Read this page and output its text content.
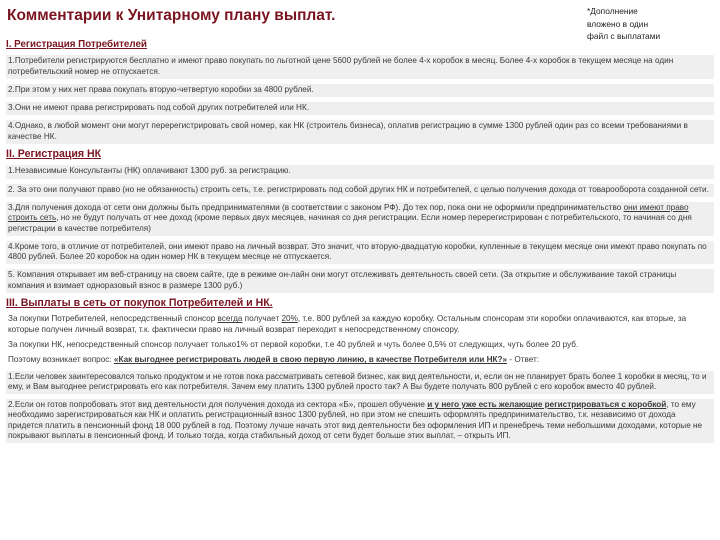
Комментарии к Унитарному плану выплат.	*Дополнение
вложено в один
файл с выплатами
I. Регистрация Потребителей
1.Потребители регистрируются бесплатно и имеют право покупать по льготной цене 5600 рублей не более 4-х коробок в месяц. Более 4-х коробок в текущем месяце на один потребительский номер не отпускается.
2.При этом у них нет права покупать вторую-четвертую коробки за 4800 рублей.
3.Они не имеют права регистрировать под собой других потребителей или НК.
4.Однако, в любой момент они могут перерегистрировать свой номер, как НК (строитель бизнеса), оплатив регистрацию в сумме 1300 рублей один раз со всеми требованиями в качестве НК.
II. Регистрация НК
1.Независимые Консультанты (НК) оплачивают 1300 руб. за регистрацию.
2. За это они получают право (но не обязанность) строить сеть, т.е. регистрировать под собой других НК и потребителей, с целью получения дохода от товарооборота созданной сети.
3.Для получения дохода от сети они должны быть предпринимателями (в соответствии с законом РФ). До тех пор, пока они не оформили предпринимательство они имеют право строить сеть, но не будут получать от нее доход (кроме первых двух месяцев, начиная со дня регистрации. Если номер перерегистрирован с потребительского, то начиная со дня регистрации в качестве потребителя)
4.Кроме того, в отличие от потребителей, они имеют право на личный возврат. Это значит, что вторую-двадцатую коробки, купленные в текущем месяце они имеют право покупать по 4800 рублей. Более 20 коробок на один номер НК в текущем месяце не отпускается.
5. Компания открывает им веб-страницу на своем сайте, где в режиме он-лайн они могут отслеживать деятельность своей сети. (За открытие и обслуживание такой страницы компания и взимает одноразовый взнос в размере 1300 руб.)
III. Выплаты в сеть от покупок Потребителей и НК.
За покупки Потребителей, непосредственный спонсор всегда получает 20%, т.е. 800 рублей за каждую коробку. Остальным спонсорам эти коробки оплачиваются, как вторые, за которые получен личный возврат, т.к. фактически право на личный возврат переходит к непосредственному спонсору.
За покупки НК, непосредственный спонсор получает только1% от первой коробки, т.е 40 рублей и чуть более 0,5% от следующих, чуть более 20 руб.
Поэтому возникает вопрос: «Как выгоднее регистрировать людей в свою первую линию, в качестве Потребителя или НК?» - Ответ:
1.Если человек заинтересовался только продуктом и не готов пока рассматривать сетевой бизнес, как вид деятельности, и, если он не планирует брать более 1 коробки в месяц, то и ему, и Вам выгоднее регистрировать его как потребителя. Зачем ему платить 1300 рублей просто так? А Вы будете получать 800 рублей с его коробок вместо 40 рублей.
2.Если он готов попробовать этот вид деятельности для получения дохода из сектора «Б», прошел обучение и у него уже есть желающие регистрироваться с коробкой, то ему необходимо зарегистрироваться как НК и оплатить регистрационный взнос 1300 рублей, но при этом не спешить оформлять предпринимательство, т.к. независимо от дохода придется платить в пенсионный фонд 18 000 рублей в год. Поэтому лучше начать этот вид деятельности без оформления ИП и пренебречь теми небольшими доходами, которые не покрывают выплаты в пенсионный фонд. И только тогда, когда стабильный доход от сети будет больше этих выплат, – открыть ИП.
